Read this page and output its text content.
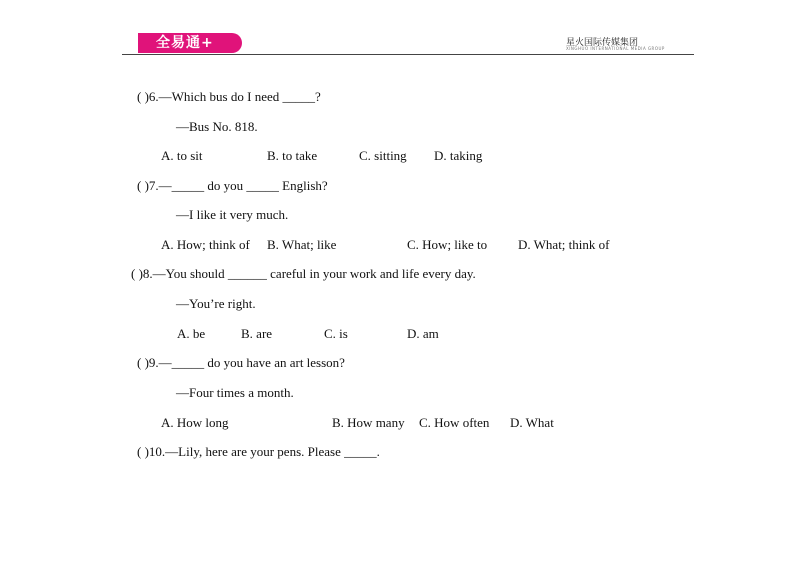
全易通+	星火国际传媒集团
XINGHUO INTERNATIONAL MEDIA GROUP
( )6.—Which bus do I need _____?
—Bus No. 818.
A. to sit	B. to take	C. sitting D. taking
( )7.—_____ do you _____ English?
—I like it very much.
A. How; think of B. What; like	C. How; like to D. What; think of
( )8.—You should ______ careful in your work and life every day.
—You’re right.
A. be	B. are	C. is	D. am
( )9.—_____ do you have an art lesson?
—Four times a month.
A. How long	B. How many C. How often D. What
( )10.—Lily, here are your pens. Please _____.
